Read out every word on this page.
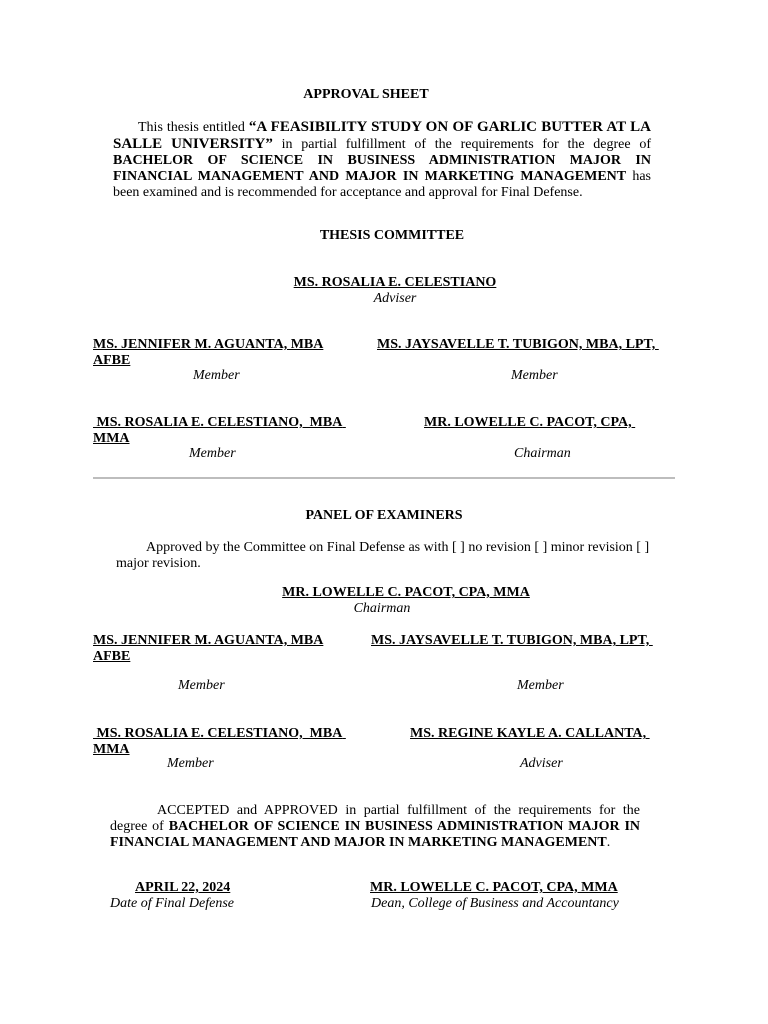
APPROVAL SHEET
This thesis entitled “A FEASIBILITY STUDY ON OF GARLIC BUTTER AT LA SALLE UNIVERSITY” in partial fulfillment of the requirements for the degree of BACHELOR OF SCIENCE IN BUSINESS ADMINISTRATION MAJOR IN FINANCIAL MANAGEMENT AND MAJOR IN MARKETING MANAGEMENT has been examined and is recommended for acceptance and approval for Final Defense.
THESIS COMMITTEE
MS. ROSALIA E. CELESTIANO
Adviser
MS. JENNIFER M. AGUANTA, MBA AFBE
Member
MS. JAYSAVELLE T. TUBIGON, MBA, LPT,
Member
MS. ROSALIA E. CELESTIANO,  MBA MMA
Member
MR. LOWELLE C. PACOT, CPA,
Chairman
PANEL OF EXAMINERS
Approved by the Committee on Final Defense as with [ ] no revision [ ] minor revision [ ] major revision.
MR. LOWELLE C. PACOT, CPA, MMA
Chairman
MS. JENNIFER M. AGUANTA, MBA AFBE
Member
MS. JAYSAVELLE T. TUBIGON, MBA, LPT,
Member
MS. ROSALIA E. CELESTIANO,  MBA MMA
Member
MS. REGINE KAYLE A. CALLANTA,
Adviser
ACCEPTED and APPROVED in partial fulfillment of the requirements for the degree of BACHELOR OF SCIENCE IN BUSINESS ADMINISTRATION MAJOR IN FINANCIAL MANAGEMENT AND MAJOR IN MARKETING MANAGEMENT.
APRIL 22, 2024
Date of Final Defense
MR. LOWELLE C. PACOT, CPA, MMA
Dean, College of Business and Accountancy
